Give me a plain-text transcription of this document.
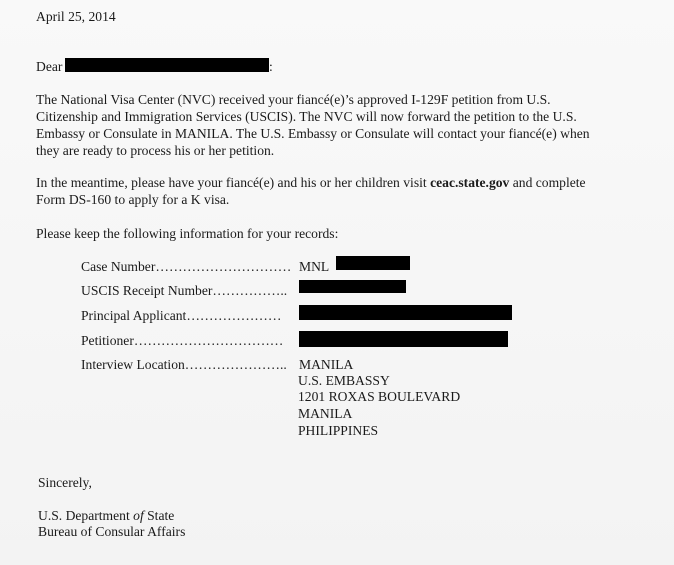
April 25, 2014
Dear	:
The National Visa Center (NVC) received your fiancé(e)’s approved I-129F petition from U.S.
Citizenship and Immigration Services (USCIS). The NVC will now forward the petition to the U.S.
Embassy or Consulate in MANILA. The U.S. Embassy or Consulate will contact your fiancé(e) when
they are ready to process his or her petition.
In the meantime, please have your fiancé(e) and his or her children visit ceac.state.gov and complete
Form DS-160 to apply for a K visa.
Please keep the following information for your records:
Case Number………………………… MNL
USCIS Receipt Number……………..
Principal Applicant…………………
Petitioner……………………………
Interview Location………………….. MANILA
U.S. EMBASSY
1201 ROXAS BOULEVARD
MANILA
PHILIPPINES
Sincerely,
U.S. Department of State
Bureau of Consular Affairs
